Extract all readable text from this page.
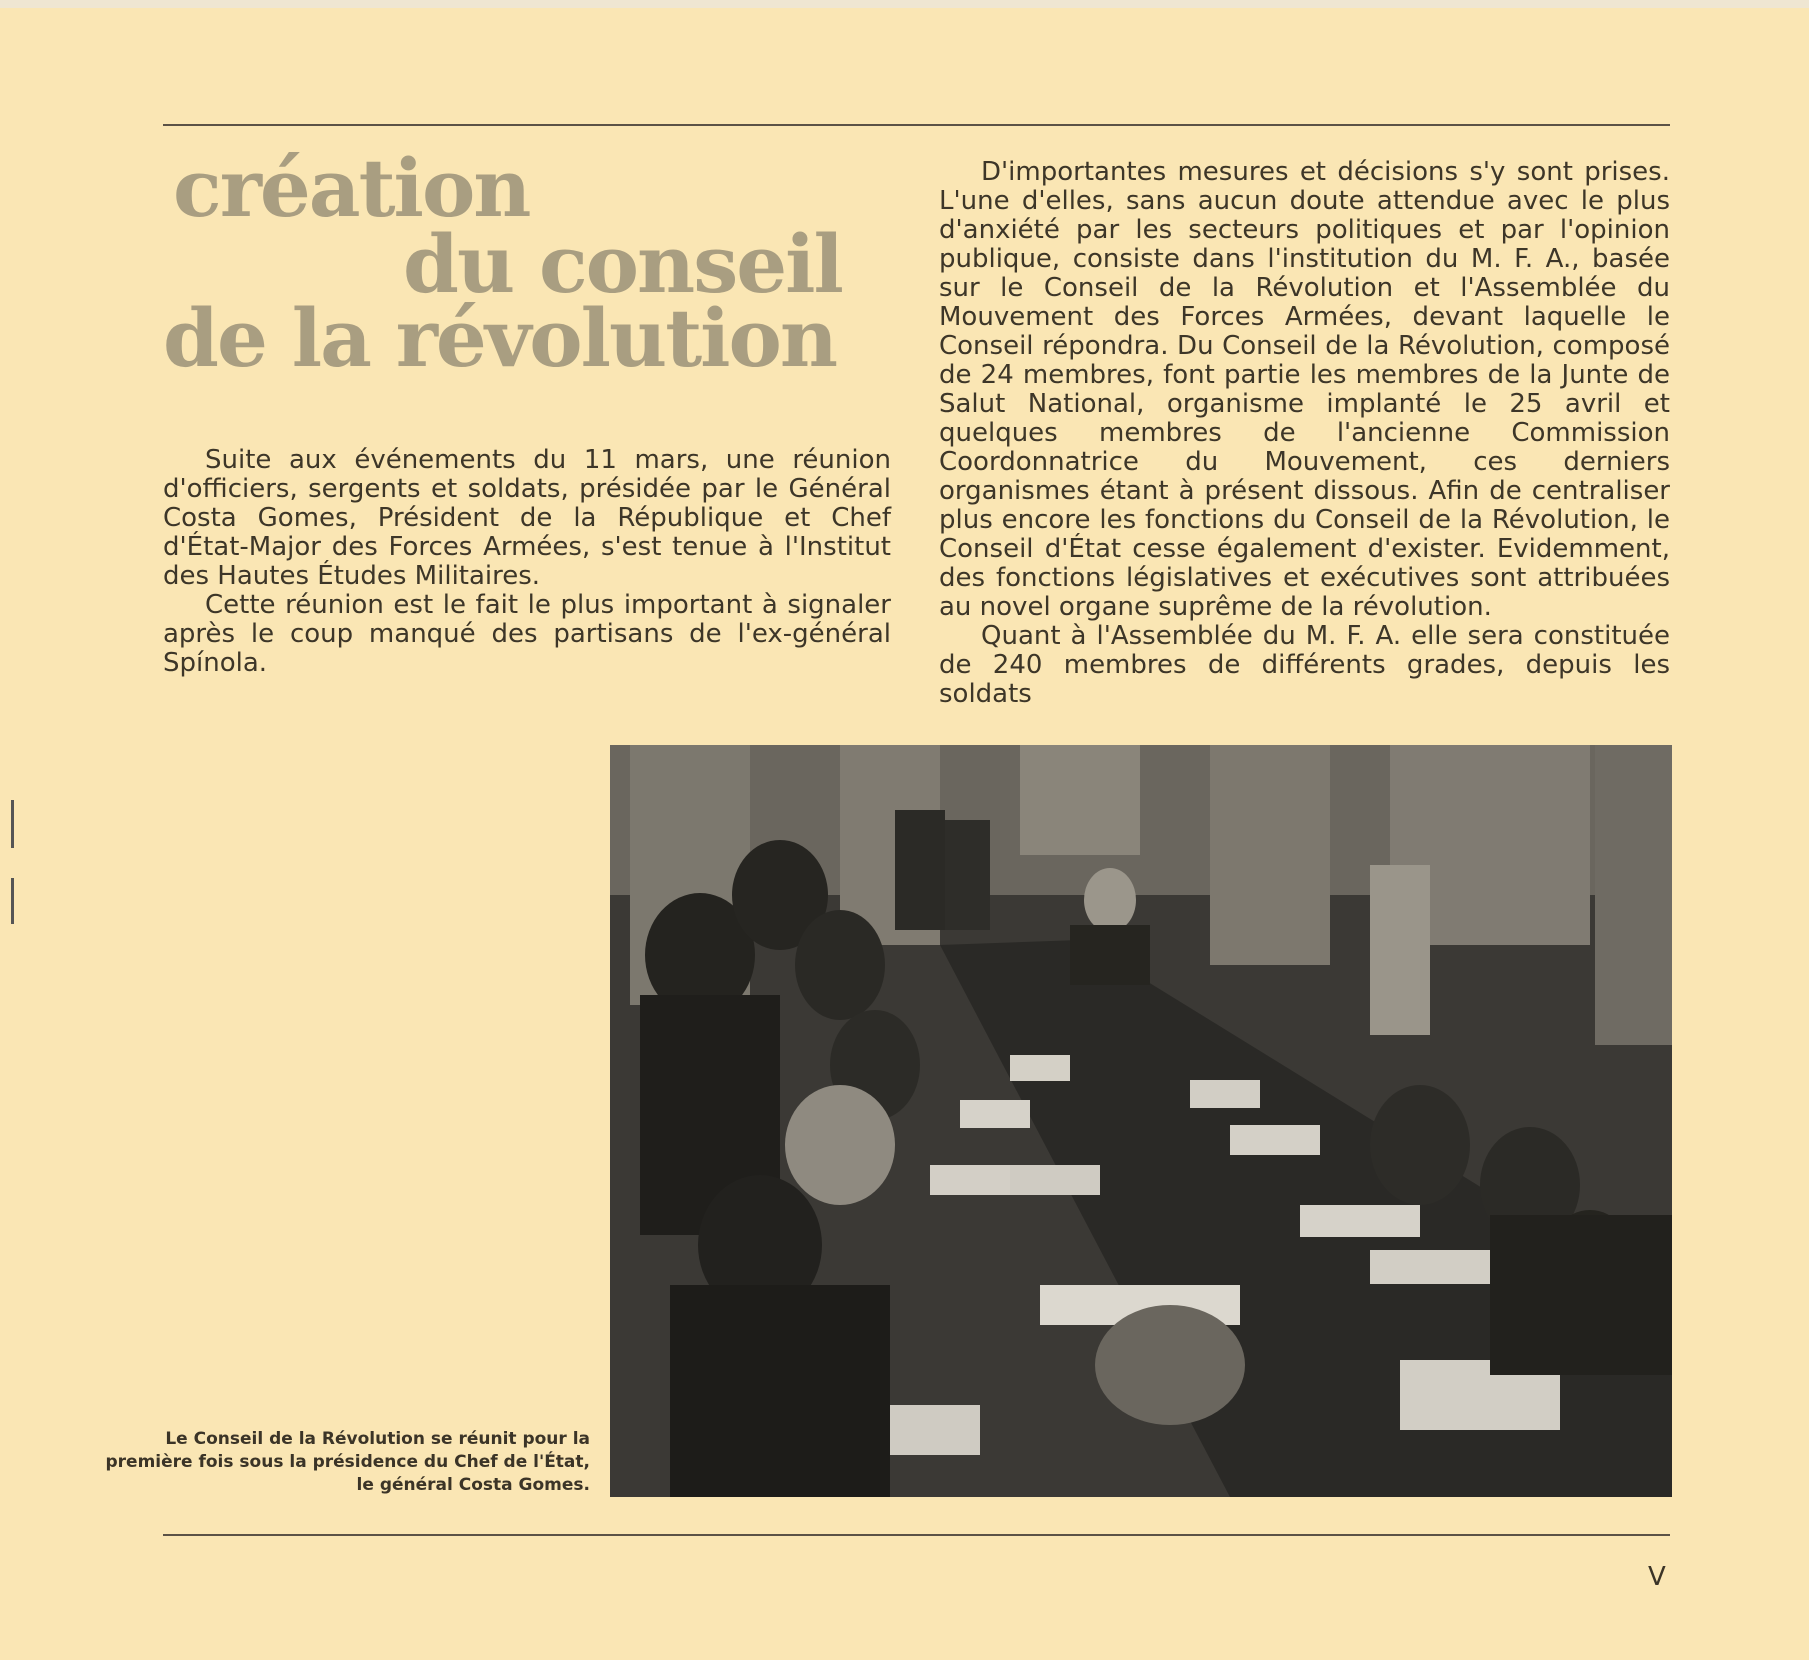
création
du conseil
de la révolution

Suite aux événements du 11 mars, une réunion d'officiers, sergents et soldats, présidée par le Général Costa Gomes, Président de la République et Chef d'État-Major des Forces Armées, s'est tenue à l'Institut des Hautes Études Militaires.

Cette réunion est le fait le plus important à signaler après le coup manqué des partisans de l'ex-général Spínola.

D'importantes mesures et décisions s'y sont prises. L'une d'elles, sans aucun doute attendue avec le plus d'anxiété par les secteurs politiques et par l'opinion publique, consiste dans l'institution du M. F. A., basée sur le Conseil de la Révolution et l'Assemblée du Mouvement des Forces Armées, devant laquelle le Conseil répondra. Du Conseil de la Révolution, composé de 24 membres, font partie les membres de la Junte de Salut National, organisme implanté le 25 avril et quelques membres de l'ancienne Commission Coordonnatrice du Mouvement, ces derniers organismes étant à présent dissous. Afin de centraliser plus encore les fonctions du Conseil de la Révolution, le Conseil d'État cesse également d'exister. Evidemment, des fonctions législatives et exécutives sont attribuées au novel organe suprême de la révolution.

Quant à l'Assemblée du M. F. A. elle sera constituée de 240 membres de différents grades, depuis les soldats

Le Conseil de la Révolution se réunit pour la première fois sous la présidence du Chef de l'État, le général Costa Gomes.

V
